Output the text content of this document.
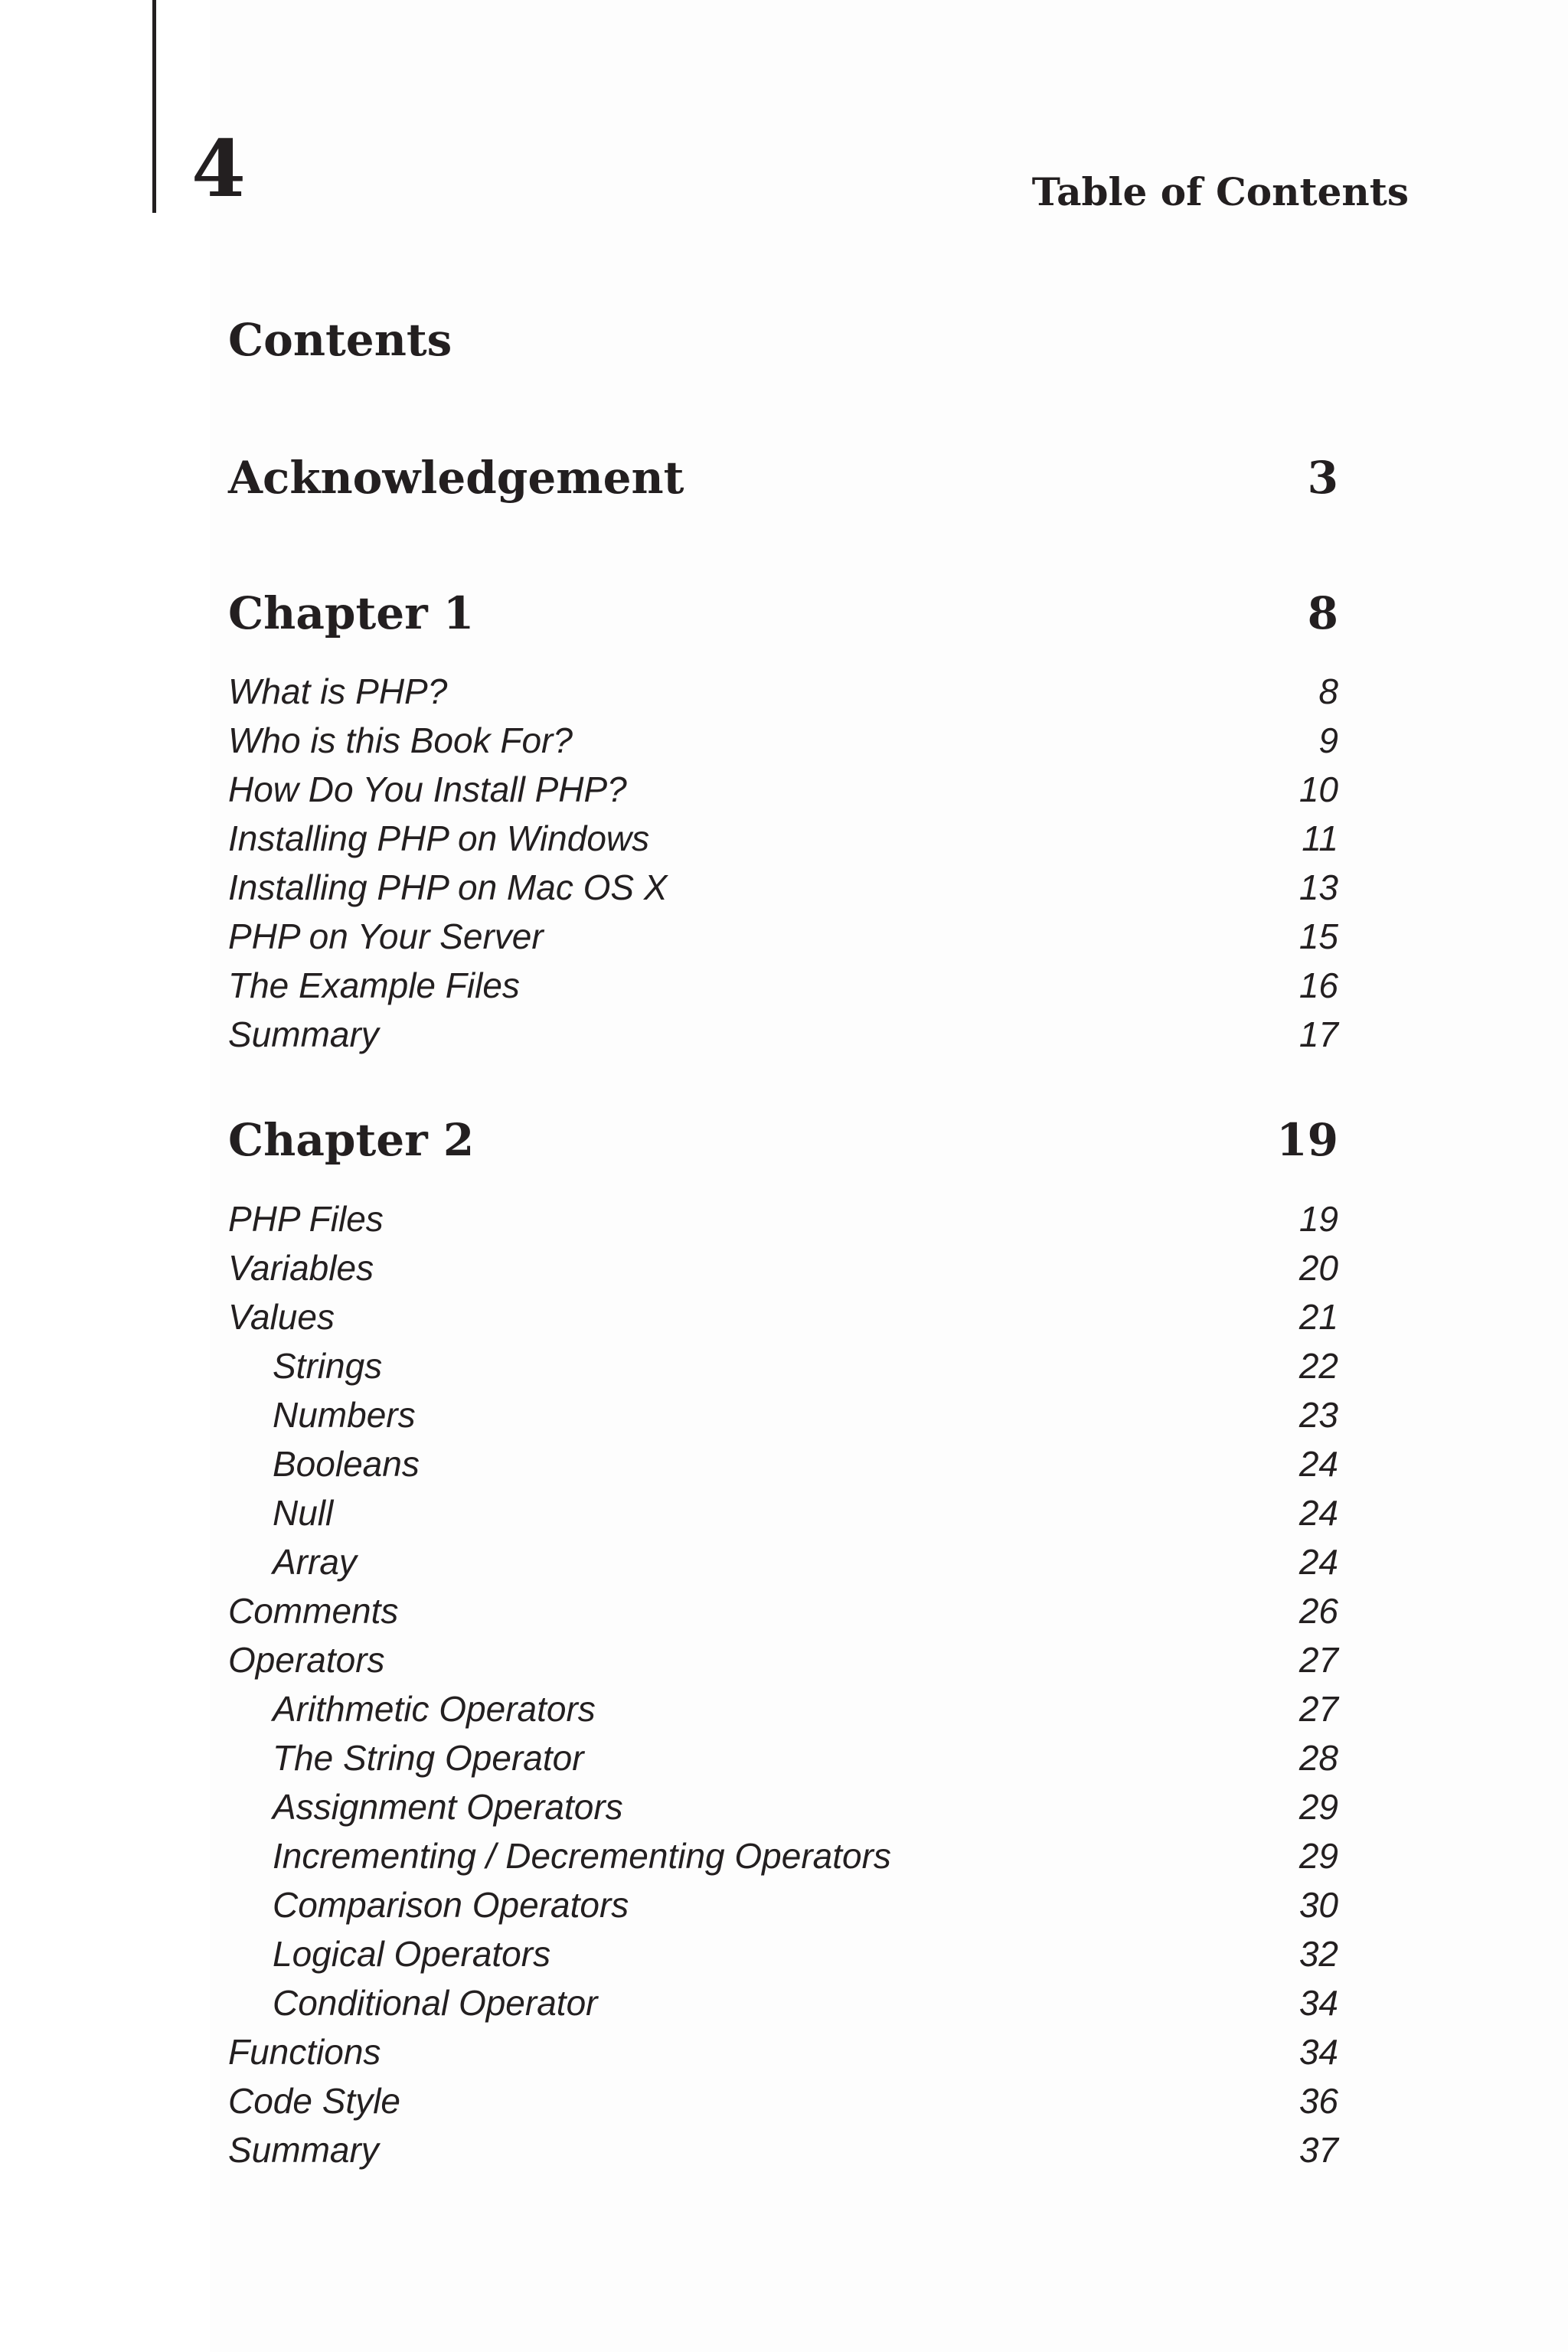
4	Table of Contents
Contents
Acknowledgement	3
Chapter 1	8
What is PHP?	8
Who is this Book For?	9
How Do You Install PHP?	10
Installing PHP on Windows	11
Installing PHP on Mac OS X	13
PHP on Your Server	15
The Example Files	16
Summary	17
Chapter 2	19
PHP Files	19
Variables	20
Values	21
Strings	22
Numbers	23
Booleans	24
Null	24
Array	24
Comments	26
Operators	27
Arithmetic Operators	27
The String Operator	28
Assignment Operators	29
Incrementing / Decrementing Operators	29
Comparison Operators	30
Logical Operators	32
Conditional Operator	34
Functions	34
Code Style	36
Summary	37
